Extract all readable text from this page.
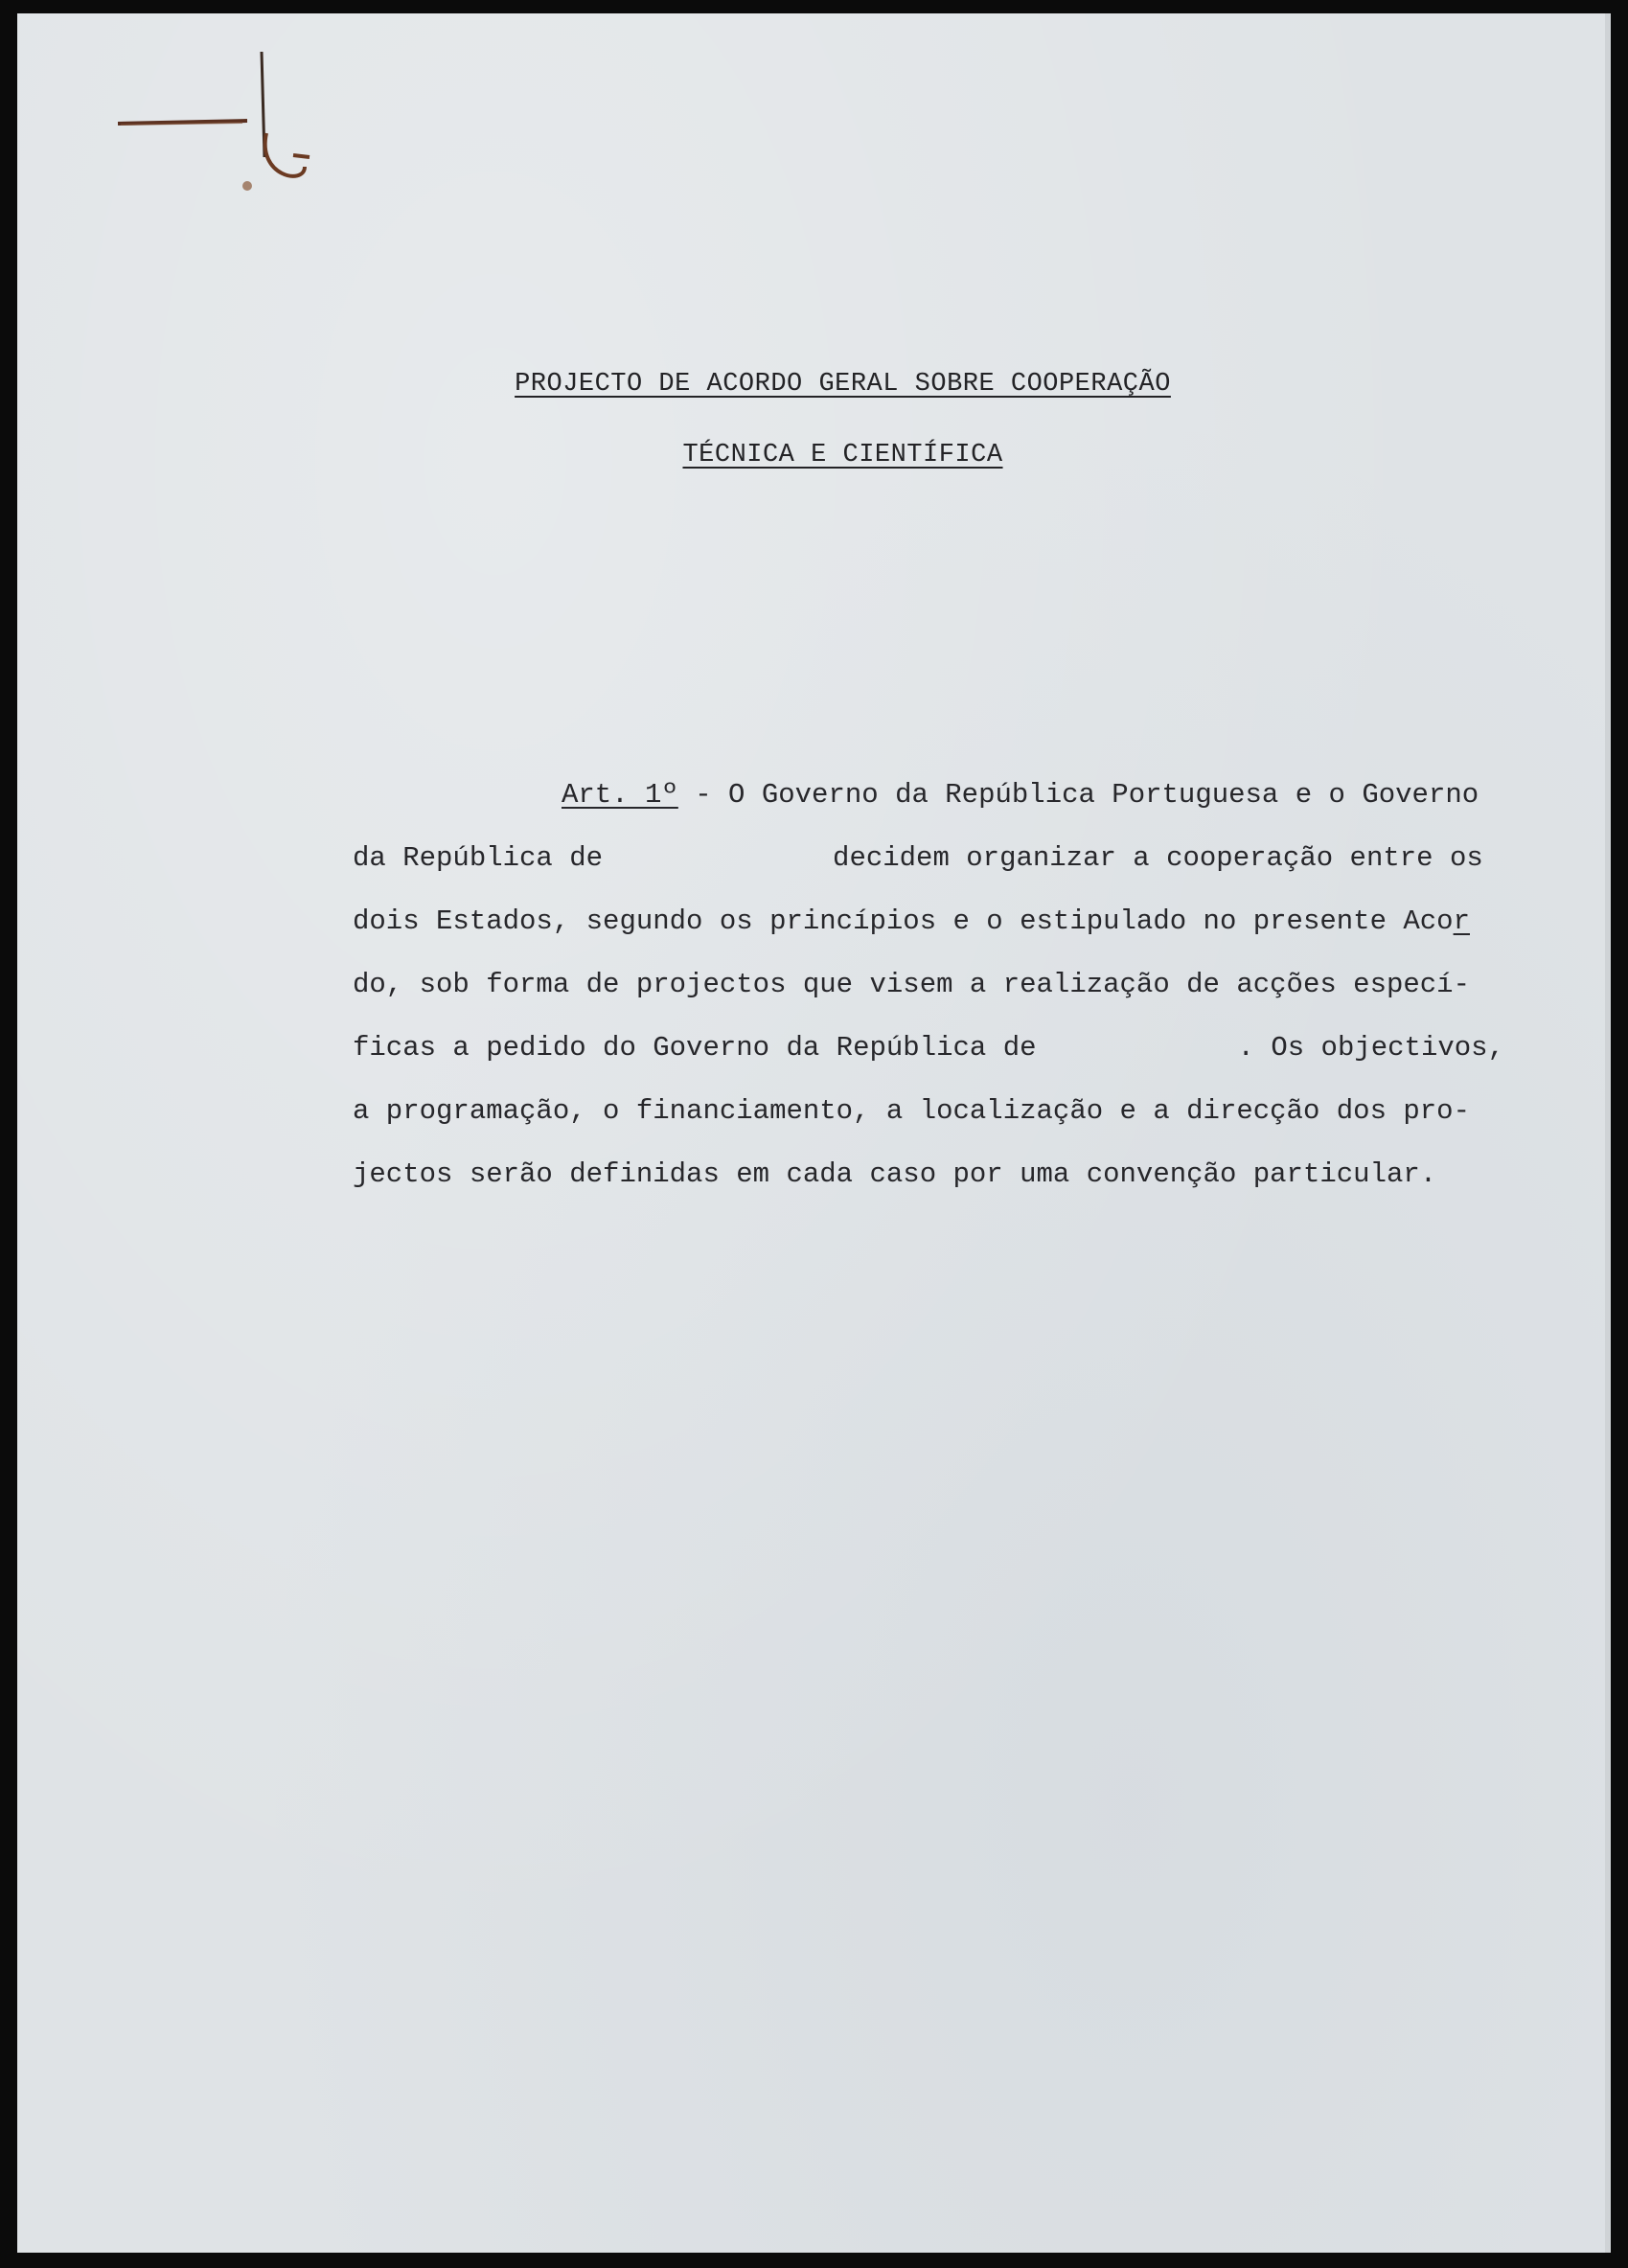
PROJECTO DE ACORDO GERAL SOBRE COOPERAÇÃO
TÉCNICA E CIENTÍFICA
Art. 1º - O Governo da República Portuguesa e o Governo
da República de	decidem organizar a cooperação entre os
dois Estados, segundo os princípios e o estipulado no presente Acor
do, sob forma de projectos que visem a realização de acções especí-
ficas a pedido do Governo da República de	. Os objectivos,
a programação, o financiamento, a localização e a direcção dos pro-
jectos serão definidas em cada caso por uma convenção particular.
